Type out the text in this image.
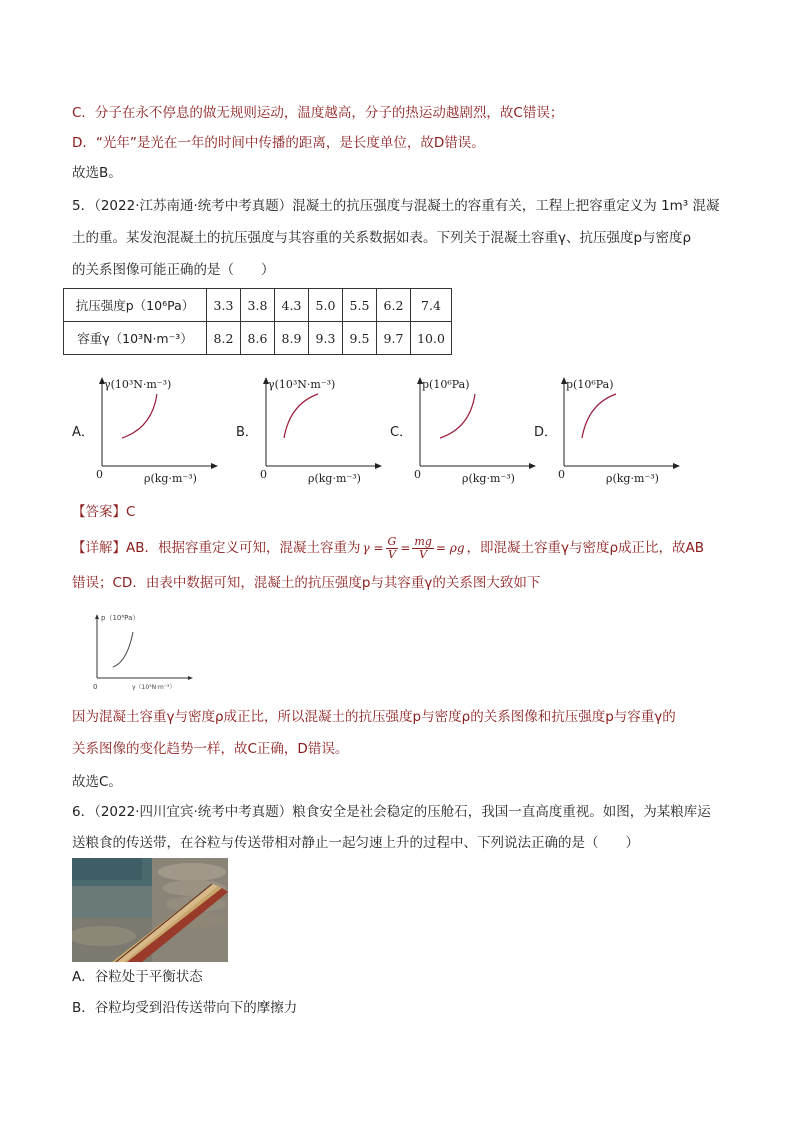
C．分子在永不停息的做无规则运动，温度越高，分子的热运动越剧烈，故C错误；
D．“光年”是光在一年的时间中传播的距离，是长度单位，故D错误。
故选B。
5．（2022·江苏南通·统考中考真题）混凝土的抗压强度与混凝土的容重有关，工程上把容重定义为 1m³ 混凝
土的重。某发泡混凝土的抗压强度与其容重的关系数据如表。下列关于混凝土容重γ、抗压强度p与密度ρ
的关系图像可能正确的是（　　）
抗压强度p（10⁶Pa）	3.3	3.8	4.3	5.0	5.5	6.2	7.4
容重γ（10³N·m⁻³）	8.2	8.6	8.9	9.3	9.5	9.7	10.0
A．
γ(10³N·m⁻³)
ρ(kg·m⁻³)
0
B．
γ(10³N·m⁻³)
ρ(kg·m⁻³)
0
C．
p(10⁶Pa)
ρ(kg·m⁻³)
0
D．
p(10⁶Pa)
ρ(kg·m⁻³)
0
【答案】C
【详解】 AB．根据容重定义可知，混凝土容重为 $\gamma = \frac{G}{V} = \frac{mg}{V} = \rho g$ ，即混凝土容重γ与密度ρ成正比，故AB
错误；CD．由表中数据可知，混凝土的抗压强度p与其容重γ的关系图大致如下
p（10⁶Pa）
γ（10³N·m⁻³）
0
因为混凝土容重γ与密度ρ成正比，所以混凝土的抗压强度p与密度ρ的关系图像和抗压强度p与容重γ的
关系图像的变化趋势一样，故C正确，D错误。
故选C。
6．（2022·四川宜宾·统考中考真题）粮食安全是社会稳定的压舱石，我国一直高度重视。如图，为某粮库运
送粮食的传送带，在谷粒与传送带相对静止一起匀速上升的过程中、下列说法正确的是（　　）
A．谷粒处于平衡状态
B．谷粒均受到沿传送带向下的摩擦力
